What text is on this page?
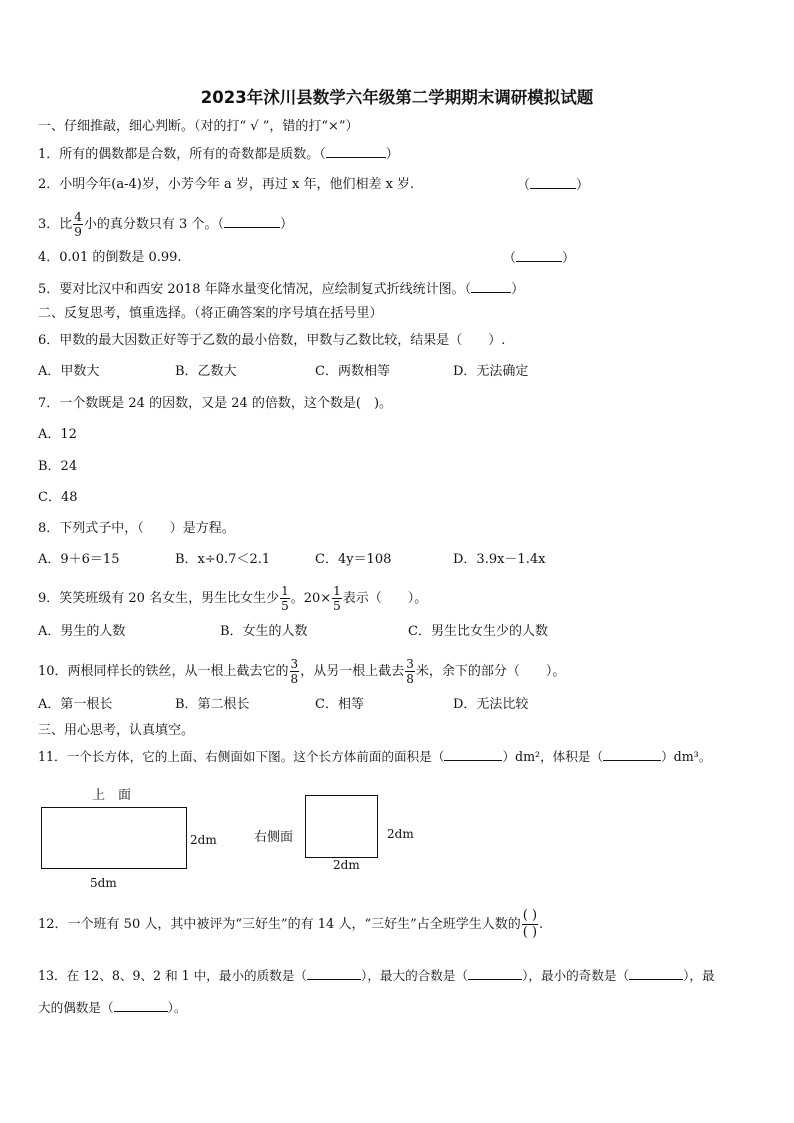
2023年沭川县数学六年级第二学期期末调研模拟试题
一、仔细推敲，细心判断。（对的打“ √ ”，错的打“×”）
1．所有的偶数都是合数，所有的奇数都是质数。（	）
2．小明今年(a-4)岁，小芳今年 a 岁，再过 x 年，他们相差 x 岁.	（	）
3．比 $\frac{4}{9}$ 小的真分数只有 3 个。（	）
4．0.01 的倒数是 0.99.	（	）
5．要对比汉中和西安 2018 年降水量变化情况，应绘制复式折线统计图。（	）
二、反复思考，慎重选择。（将正确答案的序号填在括号里）
6．甲数的最大因数正好等于乙数的最小倍数，甲数与乙数比较，结果是（　　）.
A．甲数大	B．乙数大	C．两数相等	D．无法确定
7．一个数既是 24 的因数，又是 24 的倍数，这个数是(　)。
A．12
B．24
C．48
8．下列式子中，（　　）是方程。
A．9＋6＝15	B．x÷0.7＜2.1	C．4y＝108	D．3.9x－1.4x
9．笑笑班级有 20 名女生，男生比女生少 $\frac{1}{5}$ 。$20\times \frac{1}{5}$ 表示（　　）。
A．男生的人数	B．女生的人数	C．男生比女生少的人数
10．两根同样长的铁丝，从一根上截去它的 $\frac{3}{8}$ ，从另一根上截去 $\frac{3}{8}$ 米，余下的部分（　　）。
A．第一根长	B．第二根长	C．相等	D．无法比较
三、用心思考，认真填空。
11．一个长方体，它的上面、右侧面如下图。这个长方体前面的面积是（	）dm²，体积是（	）dm³。
上　面
2dm
5dm
右侧面	2dm
2dm
12．一个班有 50 人，其中被评为“三好生”的有 14 人，“三好生”占全班学生人数的 $\frac{( )}{( )}$ .
13．在 12、8、9、2 和 1 中，最小的质数是（	），最大的合数是（	），最小的奇数是（	），最
大的偶数是（	）。
